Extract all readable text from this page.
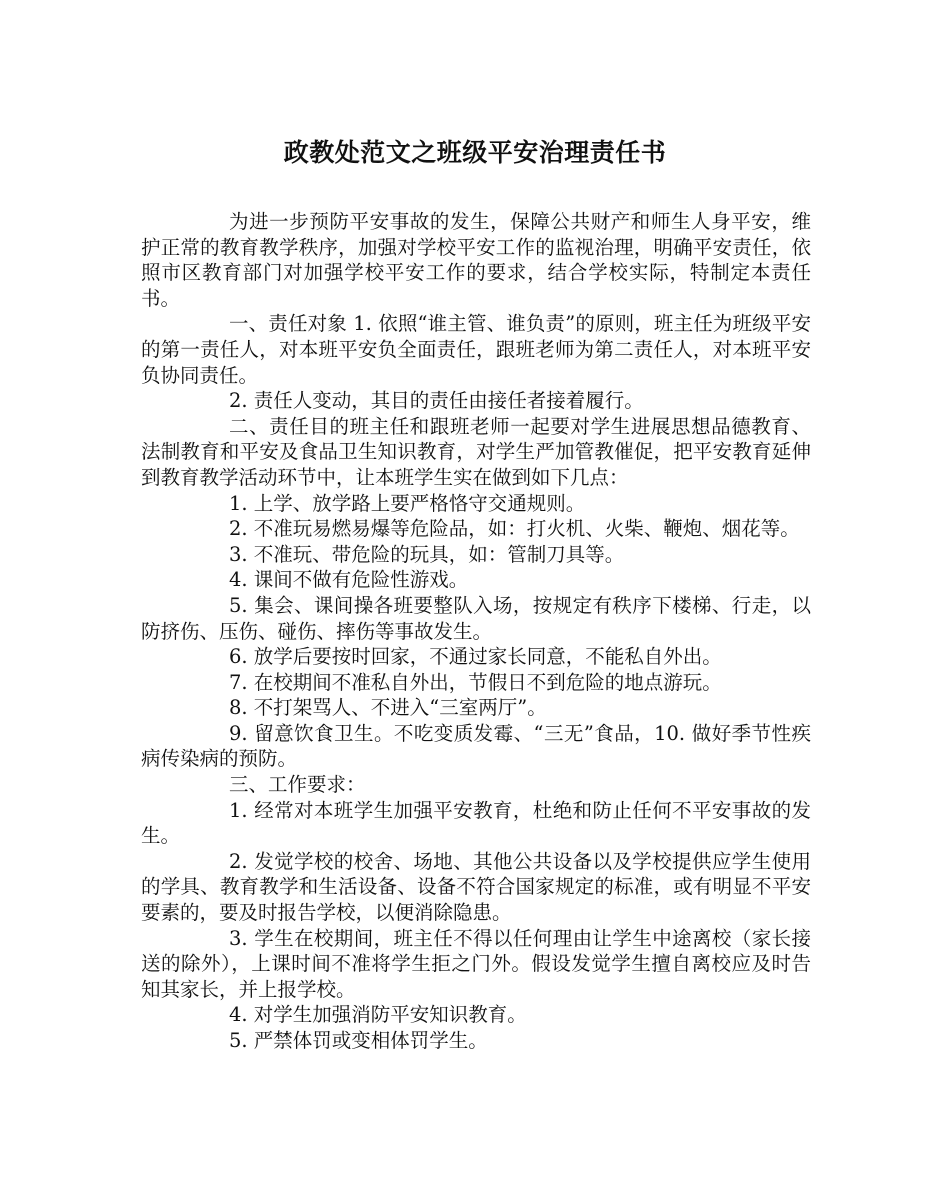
政教处范文之班级平安治理责任书

为进一步预防平安事故的发生，保障公共财产和师生人身平安，维护正常的教育教学秩序，加强对学校平安工作的监视治理，明确平安责任，依照市区教育部门对加强学校平安工作的要求，结合学校实际，特制定本责任书。

一、责任对象 1. 依照“谁主管、谁负责”的原则，班主任为班级平安的第一责任人，对本班平安负全面责任，跟班老师为第二责任人，对本班平安负协同责任。

2. 责任人变动，其目的责任由接任者接着履行。

二、责任目的班主任和跟班老师一起要对学生进展思想品德教育、法制教育和平安及食品卫生知识教育，对学生严加管教催促，把平安教育延伸到教育教学活动环节中，让本班学生实在做到如下几点：

1. 上学、放学路上要严格恪守交通规则。

2. 不准玩易燃易爆等危险品，如：打火机、火柴、鞭炮、烟花等。

3. 不准玩、带危险的玩具，如：管制刀具等。

4. 课间不做有危险性游戏。

5. 集会、课间操各班要整队入场，按规定有秩序下楼梯、行走，以防挤伤、压伤、碰伤、摔伤等事故发生。

6. 放学后要按时回家，不通过家长同意，不能私自外出。

7. 在校期间不准私自外出，节假日不到危险的地点游玩。

8. 不打架骂人、不进入“三室两厅”。

9. 留意饮食卫生。不吃变质发霉、“三无”食品，10. 做好季节性疾病传染病的预防。

三、工作要求：

1. 经常对本班学生加强平安教育，杜绝和防止任何不平安事故的发生。

2. 发觉学校的校舍、场地、其他公共设备以及学校提供应学生使用的学具、教育教学和生活设备、设备不符合国家规定的标准，或有明显不平安要素的，要及时报告学校，以便消除隐患。

3. 学生在校期间，班主任不得以任何理由让学生中途离校（家长接送的除外），上课时间不准将学生拒之门外。假设发觉学生擅自离校应及时告知其家长，并上报学校。

4. 对学生加强消防平安知识教育。

5. 严禁体罚或变相体罚学生。
